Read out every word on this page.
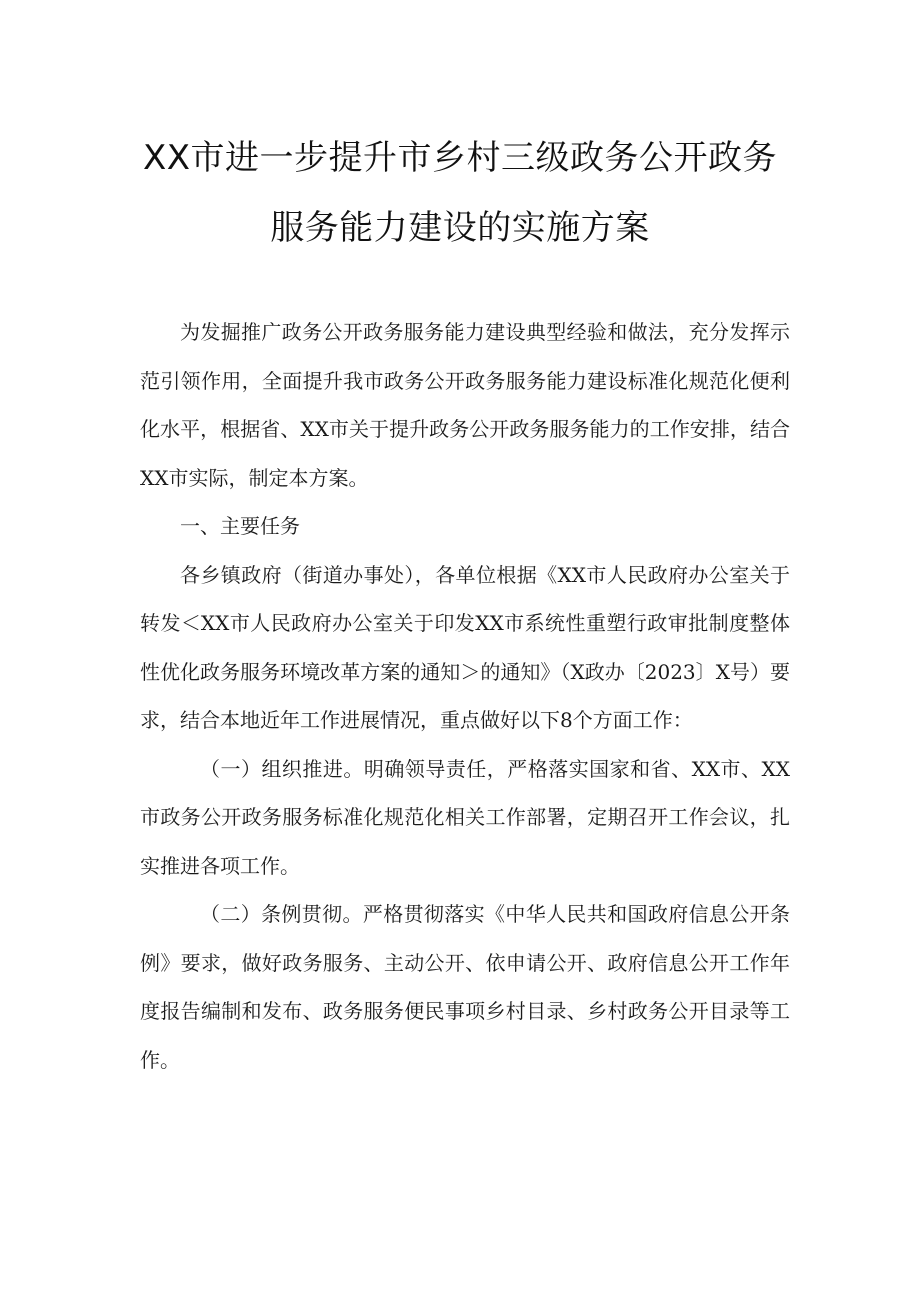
XX市进一步提升市乡村三级政务公开政务
服务能力建设的实施方案

为发掘推广政务公开政务服务能力建设典型经验和做法，充分发挥示范引领作用，全面提升我市政务公开政务服务能力建设标准化规范化便利化水平，根据省、XX市关于提升政务公开政务服务能力的工作安排，结合XX市实际，制定本方案。

一、主要任务

各乡镇政府（街道办事处），各单位根据《XX市人民政府办公室关于转发＜XX市人民政府办公室关于印发XX市系统性重塑行政审批制度整体性优化政务服务环境改革方案的通知＞的通知》（X政办〔2023〕X号）要求，结合本地近年工作进展情况，重点做好以下8个方面工作：

（一）组织推进。明确领导责任，严格落实国家和省、XX市、XX市政务公开政务服务标准化规范化相关工作部署，定期召开工作会议，扎实推进各项工作。

（二）条例贯彻。严格贯彻落实《中华人民共和国政府信息公开条例》要求，做好政务服务、主动公开、依申请公开、政府信息公开工作年度报告编制和发布、政务服务便民事项乡村目录、乡村政务公开目录等工作。
